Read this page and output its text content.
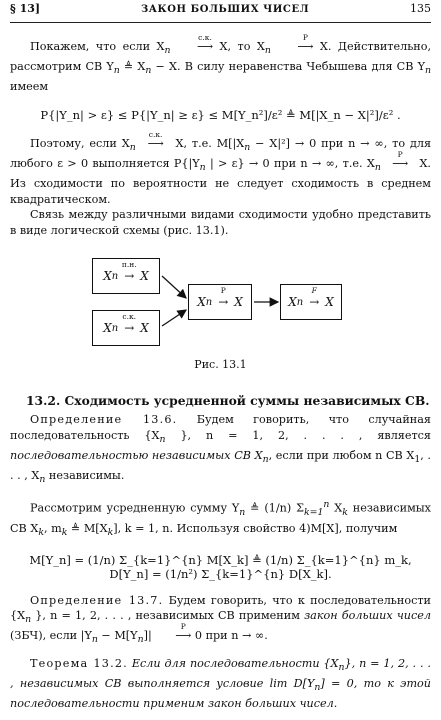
§ 13]	ЗАКОН БОЛЬШИХ ЧИСЕЛ	135

Покажем, что если $X_n$
с.к.
⟶ X, то $X_n$
P
⟶ X. Действительно, рассмотрим СВ $Y_n$ ≜ $X_n - X$. В силу неравенства Чебышева для СВ $Y_n$ имеем

P{|Y_n| > ε} ≤ P{|Y_n| ≥ ε} ≤ M[Y_n²]/ε² ≜ M[|X_n − X|²]/ε² .

Поэтому, если $X_n$
с.к.
⟶ X, т.е. $M[|X_n - X|^2] \to 0$ при n → ∞, то для любого ε > 0 выполняется $P\{|Y_n$ | > ε} → 0 при n → ∞, т.е. $X_n$
P
⟶ X. Из сходимости по вероятности не следует сходимость в среднем квадратическом.

Связь между различными видами сходимости удобно представить в виде логической схемы (рис. 13.1).

X n
п.н.
→ X
X n
с.к.
→ X
X n
P
→ X	X n
F
→ X
Рис. 13.1
13.2. Сходимость усредненной суммы независимых СВ.

Определение 13.6. Будем говорить, что случайная последовательность {$X_n$ }, n = 1, 2, . . . , является последовательностью независимых СВ $X_n$, если при любом n СВ $X_1$, . . . , $X_n$ независимы.

Рассмотрим усредненную сумму $Y_n$ ≜ (1/n) $\Sigma_{k=1}^n$ $X_k$ независимых СВ $X_k$, $m_k$ ≜ $M[X_k]$, k = 1, n. Используя свойство 4)M[X], получим

M[Y_n] = (1/n) Σ_{k=1}^{n} M[X_k] ≜ (1/n) Σ_{k=1}^{n} m_k, D[Y_n] = (1/n²) Σ_{k=1}^{n} D[X_k].

Определение 13.7. Будем говорить, что к последовательности {$X_n$ }, n = 1, 2, . . . , независимых СВ применим закон больших чисел (ЗБЧ), если $|Y_n - M[Y_n]|$
P
⟶ 0 при n → ∞.

Теорема 13.2. Если для последовательности $\{X_n\}$, n = 1, 2, . . . , независимых СВ выполняется условие $\lim D[Y_n] = 0$, то к этой последовательности применим закон больших чисел.
